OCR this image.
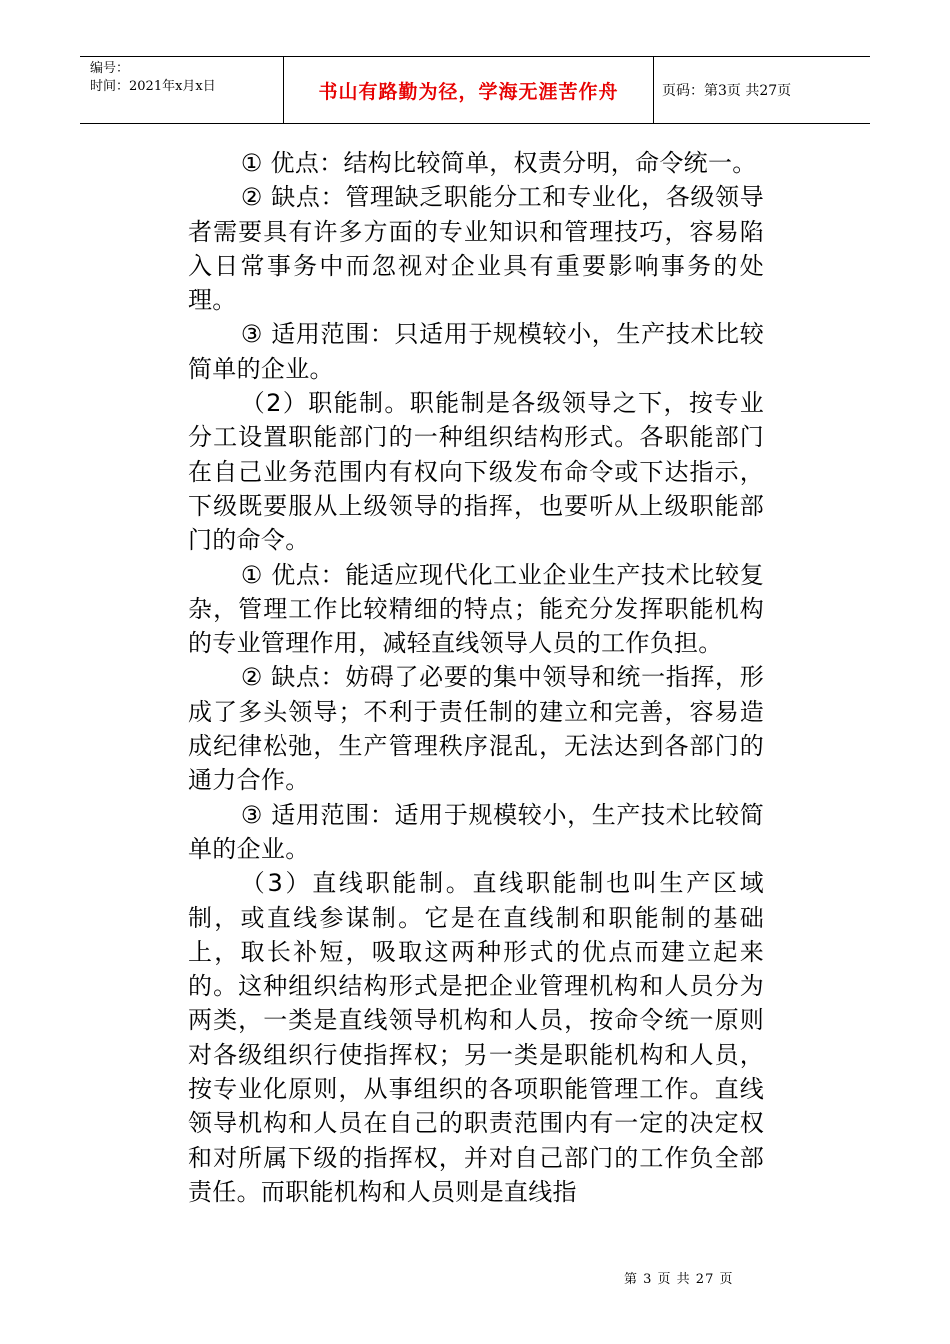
编号：
时间：2021年x月x日	书山有路勤为径，学海无涯苦作舟	页码：第3页 共27页

① 优点：结构比较简单，权责分明，命令统一。

② 缺点：管理缺乏职能分工和专业化，各级领导者需要具有许多方面的专业知识和管理技巧，容易陷入日常事务中而忽视对企业具有重要影响事务的处理。

③ 适用范围：只适用于规模较小，生产技术比较简单的企业。

（2）职能制。职能制是各级领导之下，按专业分工设置职能部门的一种组织结构形式。各职能部门在自己业务范围内有权向下级发布命令或下达指示，下级既要服从上级领导的指挥，也要听从上级职能部门的命令。

① 优点：能适应现代化工业企业生产技术比较复杂，管理工作比较精细的特点；能充分发挥职能机构的专业管理作用，减轻直线领导人员的工作负担。

② 缺点：妨碍了必要的集中领导和统一指挥，形成了多头领导；不利于责任制的建立和完善，容易造成纪律松弛，生产管理秩序混乱，无法达到各部门的通力合作。

③ 适用范围：适用于规模较小，生产技术比较简单的企业。

（3）直线职能制。直线职能制也叫生产区域制，或直线参谋制。它是在直线制和职能制的基础上，取长补短，吸取这两种形式的优点而建立起来的。这种组织结构形式是把企业管理机构和人员分为两类，一类是直线领导机构和人员，按命令统一原则对各级组织行使指挥权；另一类是职能机构和人员，按专业化原则，从事组织的各项职能管理工作。直线领导机构和人员在自己的职责范围内有一定的决定权和对所属下级的指挥权，并对自己部门的工作负全部责任。而职能机构和人员则是直线指

第 3 页 共 27 页
